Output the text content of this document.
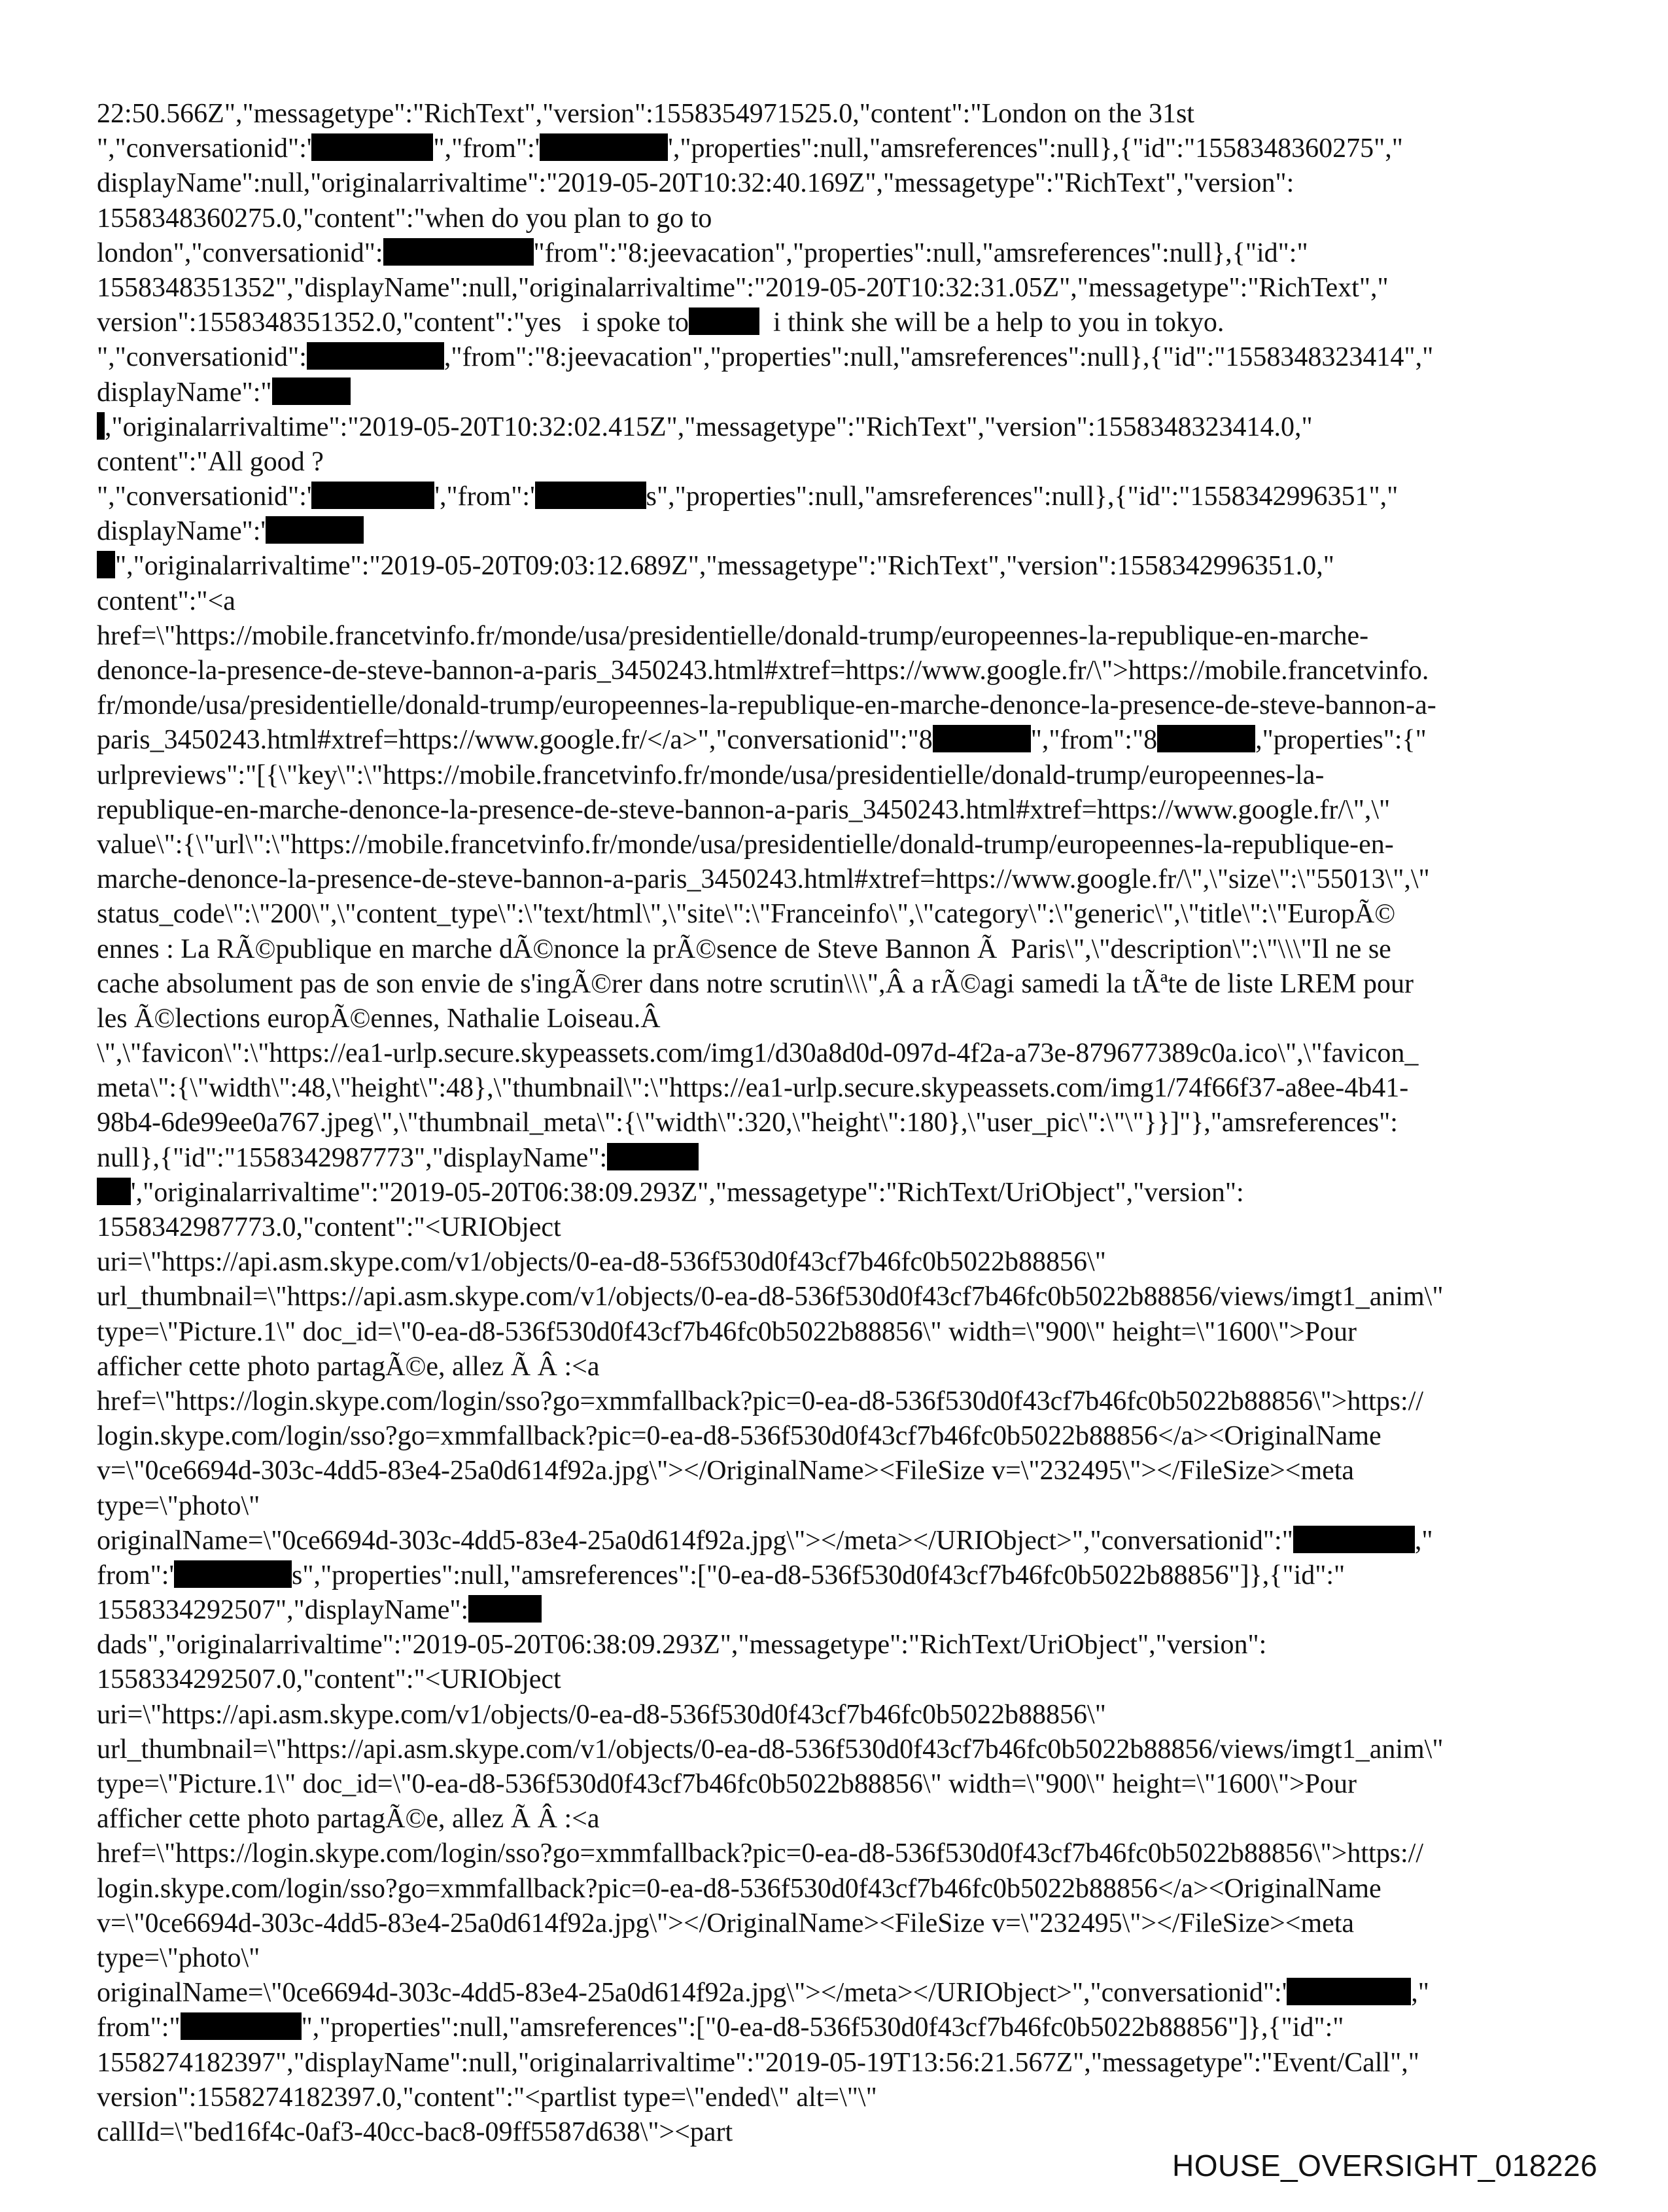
22:50.566Z","messagetype":"RichText","version":1558354971525.0,"content":"London on the 31st
","conversationid":'	","from":'	',"properties":null,"amsreferences":null},{"id":"1558348360275","
displayName":null,"originalarrivaltime":"2019-05-20T10:32:40.169Z","messagetype":"RichText","version":
1558348360275.0,"content":"when do you plan to go to
london","conversationid":	"from":"8:jeevacation","properties":null,"amsreferences":null},{"id":"
1558348351352","displayName":null,"originalarrivaltime":"2019-05-20T10:32:31.05Z","messagetype":"RichText","
version":1558348351352.0,"content":"yes   i spoke to	i think she will be a help to you in tokyo.
","conversationid":	,"from":"8:jeevacation","properties":null,"amsreferences":null},{"id":"1558348323414","
displayName":"
,"originalarrivaltime":"2019-05-20T10:32:02.415Z","messagetype":"RichText","version":1558348323414.0,"
content":"All good ?
","conversationid":'	',"from":'	s","properties":null,"amsreferences":null},{"id":"1558342996351","
displayName":'
","originalarrivaltime":"2019-05-20T09:03:12.689Z","messagetype":"RichText","version":1558342996351.0,"
content":"<a
href=\"https://mobile.francetvinfo.fr/monde/usa/presidentielle/donald-trump/europeennes-la-republique-en-marche-
denonce-la-presence-de-steve-bannon-a-paris_3450243.html#xtref=https://www.google.fr/\">https://mobile.francetvinfo.
fr/monde/usa/presidentielle/donald-trump/europeennes-la-republique-en-marche-denonce-la-presence-de-steve-bannon-a-
paris_3450243.html#xtref=https://www.google.fr/</a>","conversationid":"8	","from":"8	,"properties":{"
urlpreviews":"[{\"key\":\"https://mobile.francetvinfo.fr/monde/usa/presidentielle/donald-trump/europeennes-la-
republique-en-marche-denonce-la-presence-de-steve-bannon-a-paris_3450243.html#xtref=https://www.google.fr/\",\"
value\":{\"url\":\"https://mobile.francetvinfo.fr/monde/usa/presidentielle/donald-trump/europeennes-la-republique-en-
marche-denonce-la-presence-de-steve-bannon-a-paris_3450243.html#xtref=https://www.google.fr/\",\"size\":\"55013\",\"
status_code\":\"200\",\"content_type\":\"text/html\",\"site\":\"Franceinfo\",\"category\":\"generic\",\"title\":\"EuropÃ©
ennes : La RÃ©publique en marche dÃ©nonce la prÃ©sence de Steve Bannon Ã  Paris\",\"description\":\"\\\"Il ne se
cache absolument pas de son envie de s'ingÃ©rer dans notre scrutin\\\",Â a rÃ©agi samedi la tÃªte de liste LREM pour
les Ã©lections europÃ©ennes, Nathalie Loiseau.Â
\",\"favicon\":\"https://ea1-urlp.secure.skypeassets.com/img1/d30a8d0d-097d-4f2a-a73e-879677389c0a.ico\",\"favicon_
meta\":{\"width\":48,\"height\":48},\"thumbnail\":\"https://ea1-urlp.secure.skypeassets.com/img1/74f66f37-a8ee-4b41-
98b4-6de99ee0a767.jpeg\",\"thumbnail_meta\":{\"width\":320,\"height\":180},\"user_pic\":\"\"}}]"},"amsreferences":
null},{"id":"1558342987773","displayName":
',"originalarrivaltime":"2019-05-20T06:38:09.293Z","messagetype":"RichText/UriObject","version":
1558342987773.0,"content":"<URIObject
uri=\"https://api.asm.skype.com/v1/objects/0-ea-d8-536f530d0f43cf7b46fc0b5022b88856\"
url_thumbnail=\"https://api.asm.skype.com/v1/objects/0-ea-d8-536f530d0f43cf7b46fc0b5022b88856/views/imgt1_anim\"
type=\"Picture.1\" doc_id=\"0-ea-d8-536f530d0f43cf7b46fc0b5022b88856\" width=\"900\" height=\"1600\">Pour
afficher cette photo partagÃ©e, allez Ã Â :<a
href=\"https://login.skype.com/login/sso?go=xmmfallback?pic=0-ea-d8-536f530d0f43cf7b46fc0b5022b88856\">https://
login.skype.com/login/sso?go=xmmfallback?pic=0-ea-d8-536f530d0f43cf7b46fc0b5022b88856</a><OriginalName
v=\"0ce6694d-303c-4dd5-83e4-25a0d614f92a.jpg\"></OriginalName><FileSize v=\"232495\"></FileSize><meta
type=\"photo\"
originalName=\"0ce6694d-303c-4dd5-83e4-25a0d614f92a.jpg\"></meta></URIObject>","conversationid":"	,"
from":'	s","properties":null,"amsreferences":["0-ea-d8-536f530d0f43cf7b46fc0b5022b88856"]},{"id":"
1558334292507","displayName":
dads","originalarrivaltime":"2019-05-20T06:38:09.293Z","messagetype":"RichText/UriObject","version":
1558334292507.0,"content":"<URIObject
uri=\"https://api.asm.skype.com/v1/objects/0-ea-d8-536f530d0f43cf7b46fc0b5022b88856\"
url_thumbnail=\"https://api.asm.skype.com/v1/objects/0-ea-d8-536f530d0f43cf7b46fc0b5022b88856/views/imgt1_anim\"
type=\"Picture.1\" doc_id=\"0-ea-d8-536f530d0f43cf7b46fc0b5022b88856\" width=\"900\" height=\"1600\">Pour
afficher cette photo partagÃ©e, allez Ã Â :<a
href=\"https://login.skype.com/login/sso?go=xmmfallback?pic=0-ea-d8-536f530d0f43cf7b46fc0b5022b88856\">https://
login.skype.com/login/sso?go=xmmfallback?pic=0-ea-d8-536f530d0f43cf7b46fc0b5022b88856</a><OriginalName
v=\"0ce6694d-303c-4dd5-83e4-25a0d614f92a.jpg\"></OriginalName><FileSize v=\"232495\"></FileSize><meta
type=\"photo\"
originalName=\"0ce6694d-303c-4dd5-83e4-25a0d614f92a.jpg\"></meta></URIObject>","conversationid":'	,"
from":"	","properties":null,"amsreferences":["0-ea-d8-536f530d0f43cf7b46fc0b5022b88856"]},{"id":"
1558274182397","displayName":null,"originalarrivaltime":"2019-05-19T13:56:21.567Z","messagetype":"Event/Call","
version":1558274182397.0,"content":"<partlist type=\"ended\" alt=\"\"
callId=\"bed16f4c-0af3-40cc-bac8-09ff5587d638\"><part
HOUSE_OVERSIGHT_018226
